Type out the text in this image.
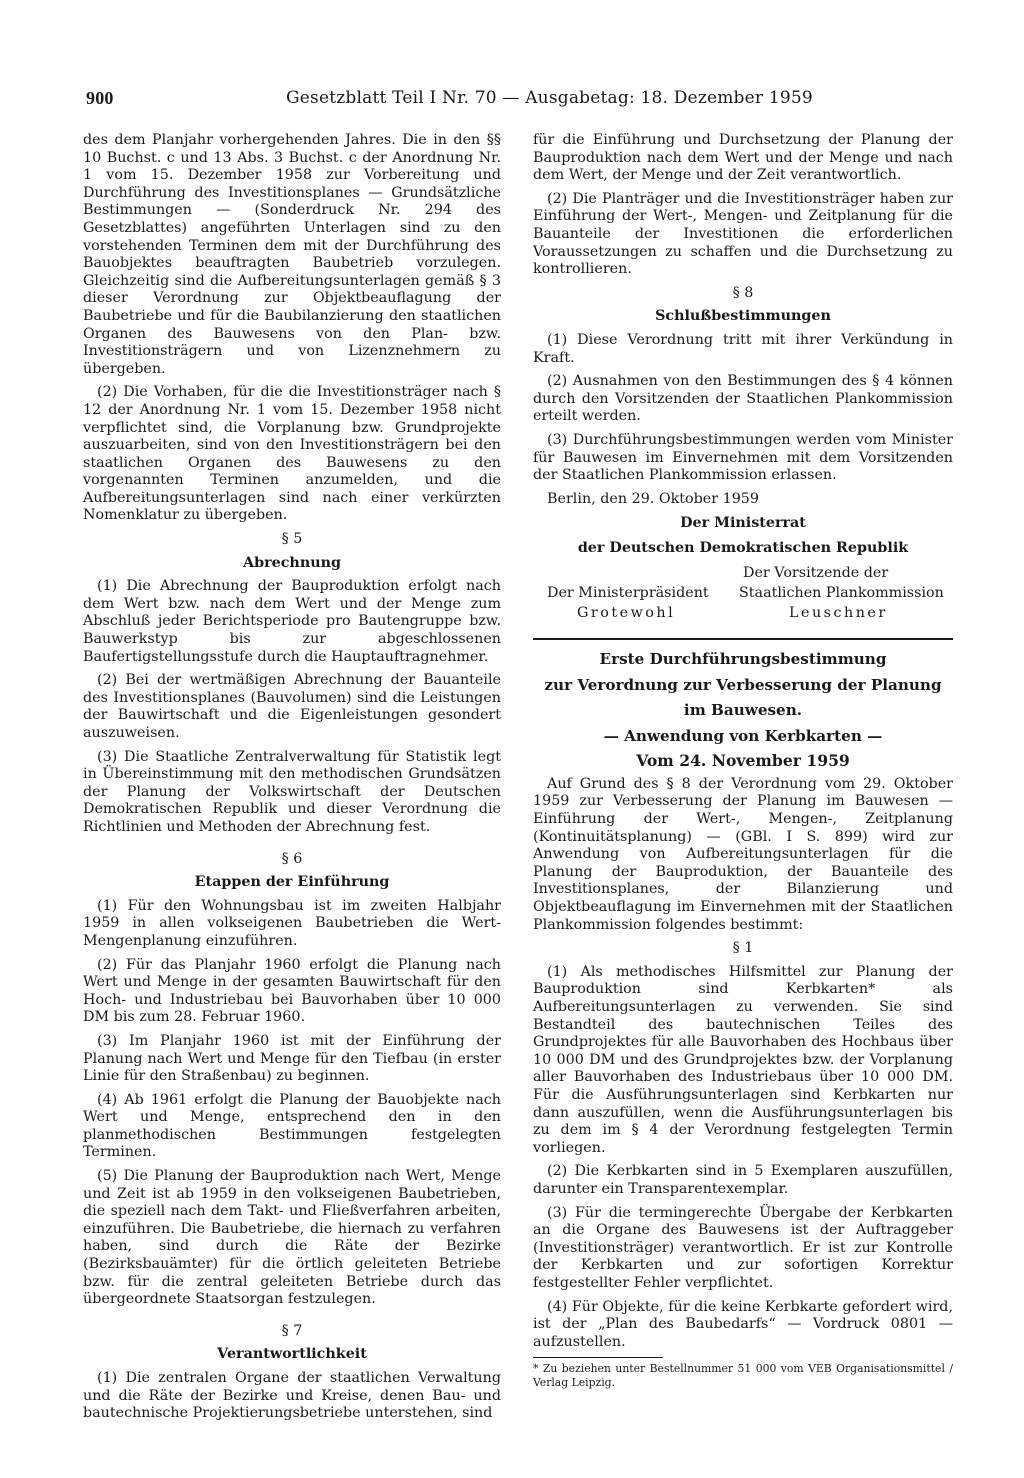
900	Gesetzblatt Teil I Nr. 70 — Ausgabetag: 18. Dezember 1959

des dem Planjahr vorhergehenden Jahres. Die in den §§ 10 Buchst. c und 13 Abs. 3 Buchst. c der Anordnung Nr. 1 vom 15. Dezember 1958 zur Vorbereitung und Durchführung des Investitionsplanes — Grundsätzliche Bestimmungen — (Sonderdruck Nr. 294 des Gesetzblattes) angeführten Unterlagen sind zu den vorstehenden Terminen dem mit der Durchführung des Bauobjektes beauftragten Baubetrieb vorzulegen. Gleichzeitig sind die Aufbereitungsunterlagen gemäß § 3 dieser Verordnung zur Objektbeauflagung der Baubetriebe und für die Baubilanzierung den staatlichen Organen des Bauwesens von den Plan- bzw. Investitionsträgern und von Lizenznehmern zu übergeben.

(2) Die Vorhaben, für die die Investitionsträger nach § 12 der Anordnung Nr. 1 vom 15. Dezember 1958 nicht verpflichtet sind, die Vorplanung bzw. Grundprojekte auszuarbeiten, sind von den Investitionsträgern bei den staatlichen Organen des Bauwesens zu den vorgenannten Terminen anzumelden, und die Aufbereitungsunterlagen sind nach einer verkürzten Nomenklatur zu übergeben.

§ 5

Abrechnung

(1) Die Abrechnung der Bauproduktion erfolgt nach dem Wert bzw. nach dem Wert und der Menge zum Abschluß jeder Berichtsperiode pro Bautengruppe bzw. Bauwerkstyp bis zur abgeschlossenen Baufertigstellungsstufe durch die Hauptauftragnehmer.

(2) Bei der wertmäßigen Abrechnung der Bauanteile des Investitionsplanes (Bauvolumen) sind die Leistungen der Bauwirtschaft und die Eigenleistungen gesondert auszuweisen.

(3) Die Staatliche Zentralverwaltung für Statistik legt in Übereinstimmung mit den methodischen Grundsätzen der Planung der Volkswirtschaft der Deutschen Demokratischen Republik und dieser Verordnung die Richtlinien und Methoden der Abrechnung fest.

§ 6

Etappen der Einführung

(1) Für den Wohnungsbau ist im zweiten Halbjahr 1959 in allen volkseigenen Baubetrieben die Wert-Mengenplanung einzuführen.

(2) Für das Planjahr 1960 erfolgt die Planung nach Wert und Menge in der gesamten Bauwirtschaft für den Hoch- und Industriebau bei Bauvorhaben über 10 000 DM bis zum 28. Februar 1960.

(3) Im Planjahr 1960 ist mit der Einführung der Planung nach Wert und Menge für den Tiefbau (in erster Linie für den Straßenbau) zu beginnen.

(4) Ab 1961 erfolgt die Planung der Bauobjekte nach Wert und Menge, entsprechend den in den planmethodischen Bestimmungen festgelegten Terminen.

(5) Die Planung der Bauproduktion nach Wert, Menge und Zeit ist ab 1959 in den volkseigenen Baubetrieben, die speziell nach dem Takt- und Fließverfahren arbeiten, einzuführen. Die Baubetriebe, die hiernach zu verfahren haben, sind durch die Räte der Bezirke (Bezirksbauämter) für die örtlich geleiteten Betriebe bzw. für die zentral geleiteten Betriebe durch das übergeordnete Staatsorgan festzulegen.

§ 7

Verantwortlichkeit

(1) Die zentralen Organe der staatlichen Verwaltung und die Räte der Bezirke und Kreise, denen Bau- und bautechnische Projektierungsbetriebe unterstehen, sind

für die Einführung und Durchsetzung der Planung der Bauproduktion nach dem Wert und der Menge und nach dem Wert, der Menge und der Zeit verantwortlich.

(2) Die Planträger und die Investitionsträger haben zur Einführung der Wert-, Mengen- und Zeitplanung für die Bauanteile der Investitionen die erforderlichen Voraussetzungen zu schaffen und die Durchsetzung zu kontrollieren.

§ 8

Schlußbestimmungen

(1) Diese Verordnung tritt mit ihrer Verkündung in Kraft.

(2) Ausnahmen von den Bestimmungen des § 4 können durch den Vorsitzenden der Staatlichen Plankommission erteilt werden.

(3) Durchführungsbestimmungen werden vom Minister für Bauwesen im Einvernehmen mit dem Vorsitzenden der Staatlichen Plankommission erlassen.

Berlin, den 29. Oktober 1959

Der Ministerrat

der Deutschen Demokratischen Republik

Der Vorsitzende der
Der Ministerpräsident Staatlichen Plankommission
Grotewohl	Leuschner

Erste Durchführungsbestimmung

zur Verordnung zur Verbesserung der Planung

im Bauwesen.

— Anwendung von Kerbkarten —

Vom 24. November 1959

Auf Grund des § 8 der Verordnung vom 29. Oktober 1959 zur Verbesserung der Planung im Bauwesen — Einführung der Wert-, Mengen-, Zeitplanung (Kontinuitätsplanung) — (GBl. I S. 899) wird zur Anwendung von Aufbereitungsunterlagen für die Planung der Bauproduktion, der Bauanteile des Investitionsplanes, der Bilanzierung und Objektbeauflagung im Einvernehmen mit der Staatlichen Plankommission folgendes bestimmt:

§ 1

(1) Als methodisches Hilfsmittel zur Planung der Bauproduktion sind Kerbkarten* als Aufbereitungsunterlagen zu verwenden. Sie sind Bestandteil des bautechnischen Teiles des Grundprojektes für alle Bauvorhaben des Hochbaus über 10 000 DM und des Grundprojektes bzw. der Vorplanung aller Bauvorhaben des Industriebaus über 10 000 DM. Für die Ausführungsunterlagen sind Kerbkarten nur dann auszufüllen, wenn die Ausführungsunterlagen bis zu dem im § 4 der Verordnung festgelegten Termin vorliegen.

(2) Die Kerbkarten sind in 5 Exemplaren auszufüllen, darunter ein Transparentexemplar.

(3) Für die termingerechte Übergabe der Kerbkarten an die Organe des Bauwesens ist der Auftraggeber (Investitionsträger) verantwortlich. Er ist zur Kontrolle der Kerbkarten und zur sofortigen Korrektur festgestellter Fehler verpflichtet.

(4) Für Objekte, für die keine Kerbkarte gefordert wird, ist der „Plan des Baubedarfs“ — Vordruck 0801 — aufzustellen.

* Zu beziehen unter Bestellnummer 51 000 vom VEB Organisationsmittel / Verlag Leipzig.
